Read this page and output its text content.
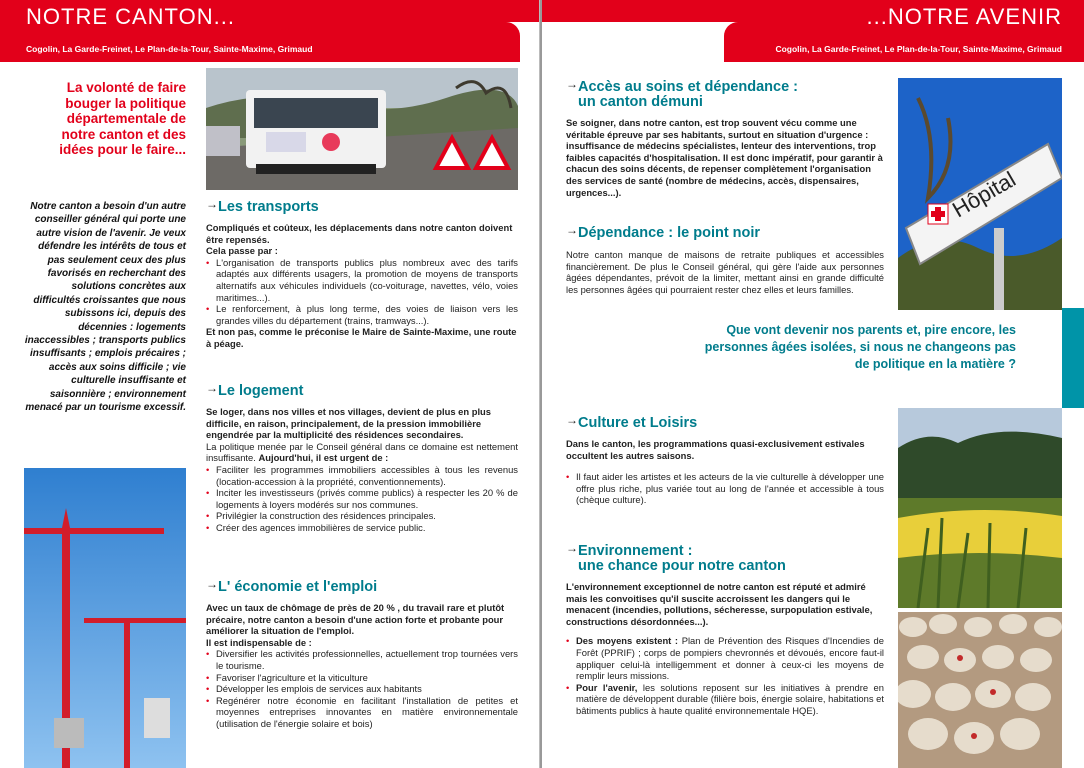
NOTRE CANTON...
Cogolin, La Garde-Freinet, Le Plan-de-la-Tour, Sainte-Maxime, Grimaud
La volonté de faire bouger la politique départementale de notre canton et des idées pour le faire...
Notre canton a besoin d'un autre conseiller général qui porte une autre vision de l'avenir. Je veux défendre les intérêts de tous et pas seulement ceux des plus favorisés en recherchant des solutions concrètes aux difficultés croissantes que nous subissons ici, depuis des décennies : logements inaccessibles ; transports publics insuffisants ; emplois précaires ; accès aux soins difficile ; vie culturelle insuffisante et saisonnière ; environnement menacé par un tourisme excessif.
→ Les transports
Compliqués et coûteux, les déplacements dans notre canton doivent être repensés.
Cela passe par :
• L'organisation de transports publics plus nombreux avec des tarifs adaptés aux différents usagers, la promotion de moyens de transports alternatifs aux véhicules individuels (co-voiturage, navettes, vélo, voies maritimes...).
• Le renforcement, à plus long terme, des voies de liaison vers les grandes villes du département (trains, tramways...).
Et non pas, comme le préconise le Maire de Sainte-Maxime, une route à péage.
→ Le logement
Se loger, dans nos villes et nos villages, devient de plus en plus difficile, en raison, principalement, de la pression immobilière engendrée par la multiplicité des résidences secondaires.
La politique menée par le Conseil général dans ce domaine est nettement insuffisante. Aujourd'hui, il est urgent de :
• Faciliter les programmes immobiliers accessibles à tous les revenus (location-accession à la propriété, conventionnements).
• Inciter les investisseurs (privés comme publics) à respecter les 20 % de logements à loyers modérés sur nos communes.
• Privilégier la construction des résidences principales.
• Créer des agences immobilières de service public.
→ L' économie et l'emploi
Avec un taux de chômage de près de 20 % , du travail rare et plutôt précaire, notre canton a besoin d'une action forte et probante pour améliorer la situation de l'emploi.
Il est indispensable de :
• Diversifier les activités professionnelles, actuellement trop tournées vers le tourisme.
• Favoriser l'agriculture et la viticulture
• Développer les emplois de services aux habitants
• Regénérer notre économie en facilitant l'installation de petites et moyennes entreprises innovantes en matière environnementale (utilisation de l'énergie solaire et bois)
...NOTRE AVENIR
Cogolin, La Garde-Freinet, Le Plan-de-la-Tour, Sainte-Maxime, Grimaud
→ Accès au soins et dépendance :
un canton démuni
Se soigner, dans notre canton, est trop souvent vécu comme une véritable épreuve par ses habitants, surtout en situation d'urgence : insuffisance de médecins spécialistes, lenteur des interventions, trop faibles capacités d'hospitalisation. Il est donc impératif, pour garantir à chacun des soins décents, de repenser complètement l'organisation des services de santé (nombre de médecins, accès, dispensaires, urgences...).	Hôpital
→ Dépendance : le point noir
Notre canton manque de maisons de retraite publiques et accessibles financièrement. De plus le Conseil général, qui gère l'aide aux personnes âgées dépendantes, prévoit de la limiter, mettant ainsi en grande difficulté les personnes âgées qui pourraient rester chez elles et leurs familles.
Que vont devenir nos parents et, pire encore, les personnes âgées isolées, si nous ne changeons pas de politique en la matière ?
→ Culture et Loisirs
Dans le canton, les programmations quasi-exclusivement estivales occultent les autres saisons.
• Il faut aider les artistes et les acteurs de la vie culturelle à développer une offre plus riche, plus variée tout au long de l'année et accessible à tous (chèque culture).
→ Environnement :
une chance pour notre canton
L'environnement exceptionnel de notre canton est réputé et admiré mais les convoitises qu'il suscite accroissent les dangers qui le menacent (incendies, pollutions, sécheresse, surpopulation estivale, constructions désordonnées...).
• Des moyens existent : Plan de Prévention des Risques d'Incendies de Forêt (PPRIF) ; corps de pompiers chevronnés et dévoués, encore faut-il appliquer celui-là intelligemment et donner à ceux-ci les moyens de remplir leurs missions.
• Pour l'avenir, les solutions reposent sur les initiatives à prendre en matière de développent durable (filière bois, énergie solaire, habitations et bâtiments publics à haute qualité environnementale HQE).
